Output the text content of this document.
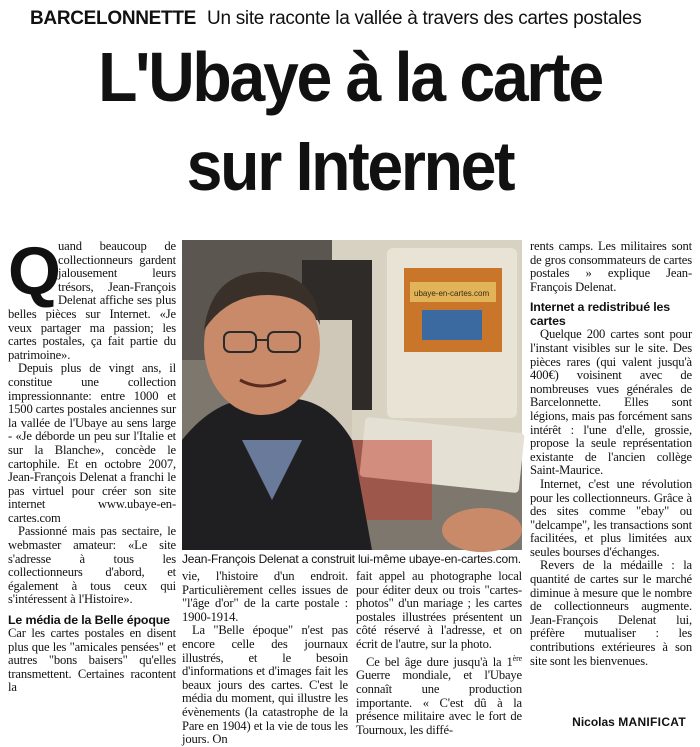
BARCELONNETTE Un site raconte la vallée à travers des cartes postales
L'Ubaye à la carte
sur Internet

Q
uand beaucoup de collectionneurs gardent jalousement leurs trésors, Jean-François Delenat affiche ses plus belles pièces sur Internet. «Je veux partager ma passion; les cartes postales, ça fait partie du patrimoine».

Depuis plus de vingt ans, il constitue une collection impressionnante: entre 1000 et 1500 cartes postales anciennes sur la vallée de l'Ubaye au sens large - «Je déborde un peu sur l'Italie et sur la Blanche», concède le cartophile. Et en octobre 2007, Jean-François Delenat a franchi le pas virtuel pour créer son site internet www.ubaye-en-cartes.com

Passionné mais pas sectaire, le webmaster amateur: «Le site s'adresse à tous les collectionneurs d'abord, et également à tous ceux qui s'intéressent à l'Histoire».

Le média de la Belle époque

Car les cartes postales en disent plus que les "amicales pensées" et autres "bons baisers" qu'elles transmettent. Certaines racontent la

ubaye-en-cartes.com
Jean-François Delenat a construit lui-même ubaye-en-cartes.com.

vie, l'histoire d'un endroit. Particulièrement celles issues de "l'âge d'or" de la carte postale : 1900-1914.

La "Belle époque" n'est pas encore celle des journaux illustrés, et le besoin d'informations et d'images fait les beaux jours des cartes. C'est le média du moment, qui illustre les évènements (la catastrophe de la Pare en 1904) et la vie de tous les jours. On

fait appel au photographe local pour éditer deux ou trois "cartes-photos" d'un mariage ; les cartes postales illustrées présentent un côté réservé à l'adresse, et on écrit de l'autre, sur la photo.

Ce bel âge dure jusqu'à la 1ère Guerre mondiale, et l'Ubaye connaît une production importante. « C'est dû à la présence militaire avec le fort de Tournoux, les diffé-

rents camps. Les militaires sont de gros consommateurs de cartes postales » explique Jean-François Delenat.

Internet a redistribué les cartes

Quelque 200 cartes sont pour l'instant visibles sur le site. Des pièces rares (qui valent jusqu'à 400€) voisinent avec de nombreuses vues générales de Barcelonnette. Elles sont légions, mais pas forcément sans intérêt : l'une d'elle, grossie, propose la seule représentation existante de l'ancien collège Saint-Maurice.

Internet, c'est une révolution pour les collectionneurs. Grâce à des sites comme "ebay" ou "delcampe", les transactions sont facilitées, et plus limitées aux seules bourses d'échanges.

Revers de la médaille : la quantité de cartes sur le marché diminue à mesure que le nombre de collectionneurs augmente. Jean-François Delenat lui, préfère mutualiser : les contributions extérieures à son site sont les bienvenues.

Nicolas MANIFICAT
